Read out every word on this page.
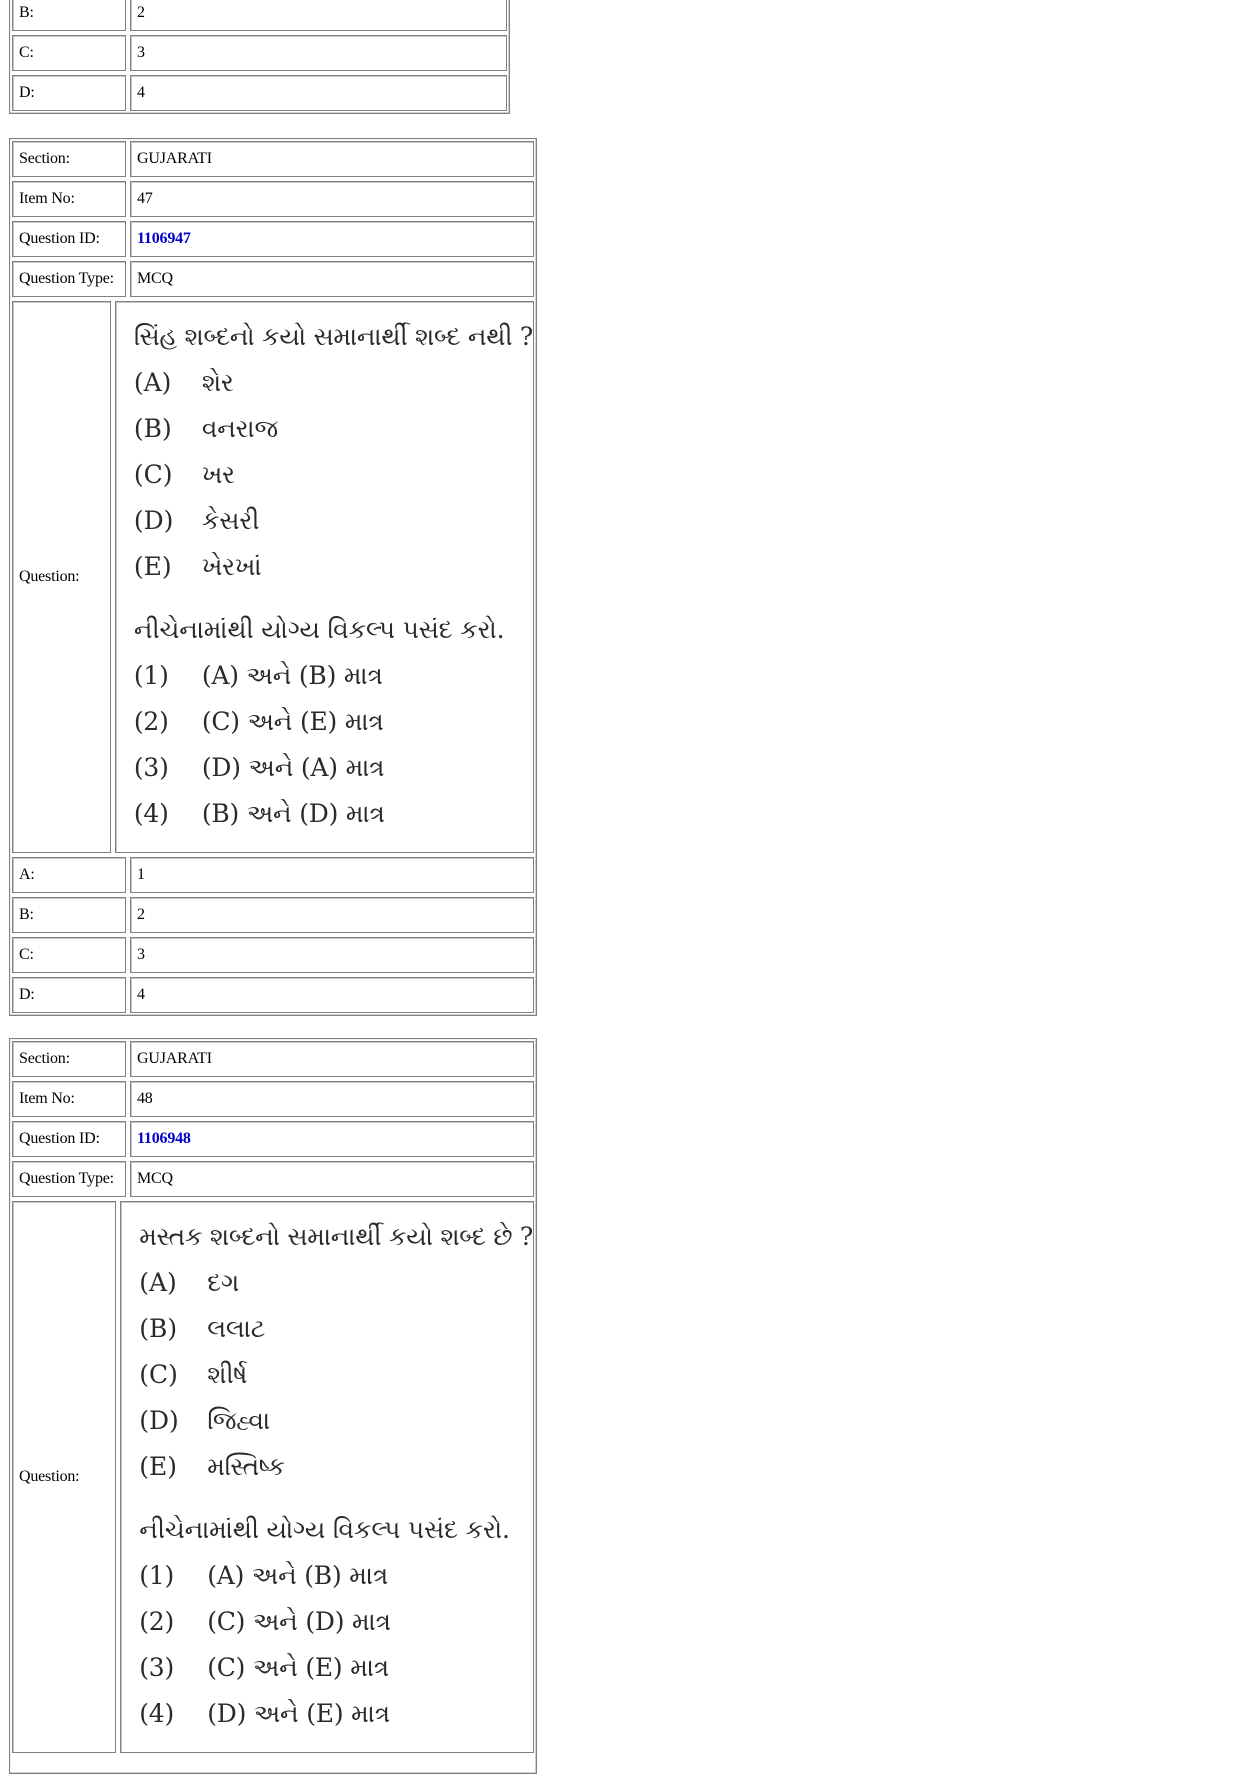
B:	2
C:	3
D:	4
Section:	GUJARATI
Item No:	47
Question ID:	1106947
Question Type:	MCQ
Question:
સિંહ શબ્દનો કયો સમાનાર્થી શબ્દ નથી ?
(A)	શેર
(B)	વનરાજ
(C)	ખર
(D)	કેસરી
(E)	ખેરખાં
નીચેનામાંથી યોગ્ય વિકલ્પ પસંદ કરો.
(1)	(A) અને (B) માત્ર
(2)	(C) અને (E) માત્ર
(3)	(D) અને (A) માત્ર
(4)	(B) અને (D) માત્ર
A:	1
B:	2
C:	3
D:	4
Section:	GUJARATI
Item No:	48
Question ID:	1106948
Question Type:	MCQ
Question:
મસ્તક શબ્દનો સમાનાર્થી કયો શબ્દ છે ?
(A)	દગ
(B)	લલાટ
(C)	શીર્ષ
(D)	જિહ્વા
(E)	મસ્તિષ્ક
નીચેનામાંથી યોગ્ય વિકલ્પ પસંદ કરો.
(1)	(A) અને (B) માત્ર
(2)	(C) અને (D) માત્ર
(3)	(C) અને (E) માત્ર
(4)	(D) અને (E) માત્ર
